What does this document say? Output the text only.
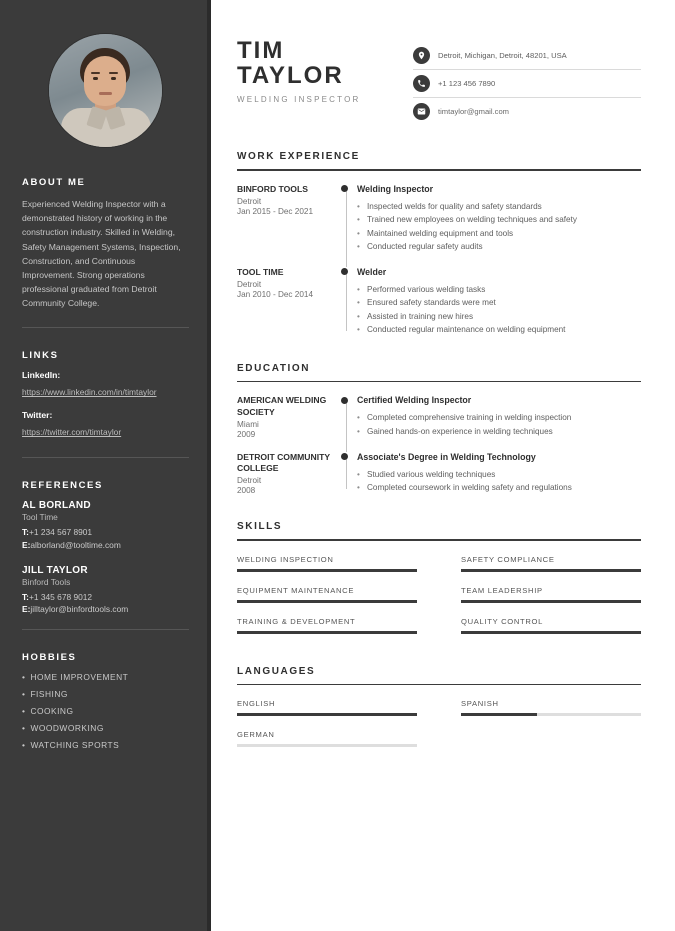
ABOUT ME
Experienced Welding Inspector with a demonstrated history of working in the construction industry. Skilled in Welding, Safety Management Systems, Inspection, Construction, and Continuous Improvement. Strong operations professional graduated from Detroit Community College.
LINKS
LinkedIn:
https://www.linkedin.com/in/timtaylor
Twitter:
https://twitter.com/timtaylor
REFERENCES
AL BORLAND
Tool Time
T:+1 234 567 8901
E:alborland@tooltime.com
JILL TAYLOR
Binford Tools
T:+1 345 678 9012
E:jilltaylor@binfordtools.com
HOBBIES
• HOME IMPROVEMENT
• FISHING
• COOKING
• WOODWORKING
• WATCHING SPORTS
TIM
TAYLOR
WELDING INSPECTOR
Detroit, Michigan, Detroit, 48201, USA
+1 123 456 7890
timtaylor@gmail.com
WORK EXPERIENCE
BINFORD TOOLS
Detroit
Jan 2015 - Dec 2021
Welding Inspector
• Inspected welds for quality and safety standards
• Trained new employees on welding techniques and safety
• Maintained welding equipment and tools
• Conducted regular safety audits
TOOL TIME
Detroit
Jan 2010 - Dec 2014
Welder
• Performed various welding tasks
• Ensured safety standards were met
• Assisted in training new hires
• Conducted regular maintenance on welding equipment
EDUCATION
AMERICAN WELDING SOCIETY
Miami
2009
Certified Welding Inspector
• Completed comprehensive training in welding inspection
• Gained hands-on experience in welding techniques
DETROIT COMMUNITY COLLEGE
Detroit
2008
Associate's Degree in Welding Technology
• Studied various welding techniques
• Completed coursework in welding safety and regulations
SKILLS
WELDING INSPECTION	SAFETY COMPLIANCE
EQUIPMENT MAINTENANCE	TEAM LEADERSHIP
TRAINING & DEVELOPMENT	QUALITY CONTROL
LANGUAGES
ENGLISH	SPANISH
GERMAN
